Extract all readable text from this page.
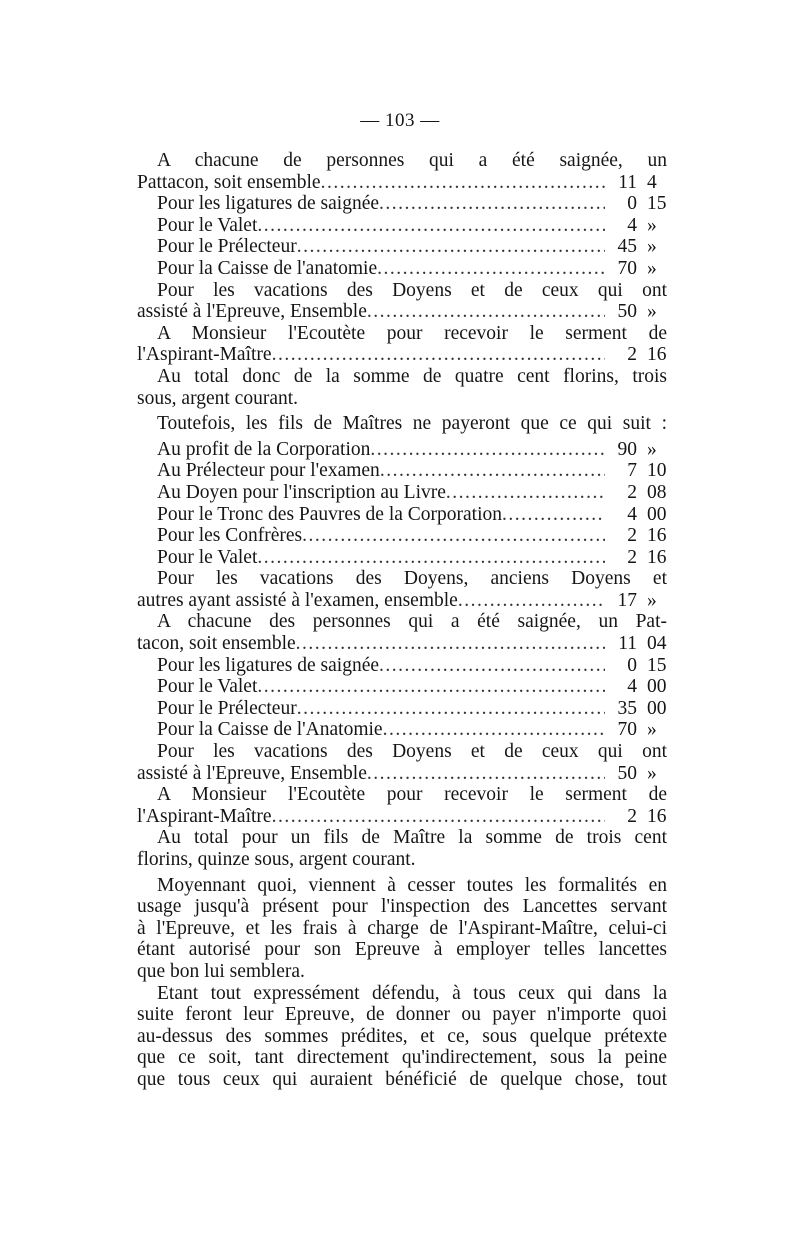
— 103 —
A chacune de personnes qui a été saignée, un
Pattacon, soit ensemble .....	11 4
Pour les ligatures de saignée .....	0 15
Pour le Valet .....	4 »
Pour le Prélecteur .....	45 »
Pour la Caisse de l'anatomie .....	70 »
Pour les vacations des Doyens et de ceux qui ont
assisté à l'Epreuve, Ensemble .....	50 »
A Monsieur l'Ecoutète pour recevoir le serment de
l'Aspirant-Maître .....	2 16
Au total donc de la somme de quatre cent florins, trois
sous, argent courant.
Toutefois, les fils de Maîtres ne payeront que ce qui suit :
Au profit de la Corporation .....	90 »
Au Prélecteur pour l'examen .....	7 10
Au Doyen pour l'inscription au Livre .....	2 08
Pour le Tronc des Pauvres de la Corporation .....	4 00
Pour les Confrères .....	2 16
Pour le Valet .....	2 16
Pour les vacations des Doyens, anciens Doyens et
autres ayant assisté à l'examen, ensemble .....	17 »
A chacune des personnes qui a été saignée, un Pat-
tacon, soit ensemble .....	11 04
Pour les ligatures de saignée .....	0 15
Pour le Valet .....	4 00
Pour le Prélecteur .....	35 00
Pour la Caisse de l'Anatomie .....	70 »
Pour les vacations des Doyens et de ceux qui ont
assisté à l'Epreuve, Ensemble .....	50 »
A Monsieur l'Ecoutète pour recevoir le serment de
l'Aspirant-Maître .....	2 16
Au total pour un fils de Maître la somme de trois cent
florins, quinze sous, argent courant.
Moyennant quoi, viennent à cesser toutes les formalités en
usage jusqu'à présent pour l'inspection des Lancettes servant
à l'Epreuve, et les frais à charge de l'Aspirant-Maître, celui-ci
étant autorisé pour son Epreuve à employer telles lancettes
que bon lui semblera.
Etant tout expressément défendu, à tous ceux qui dans la
suite feront leur Epreuve, de donner ou payer n'importe quoi
au-dessus des sommes prédites, et ce, sous quelque prétexte
que ce soit, tant directement qu'indirectement, sous la peine
que tous ceux qui auraient bénéficié de quelque chose, tout
